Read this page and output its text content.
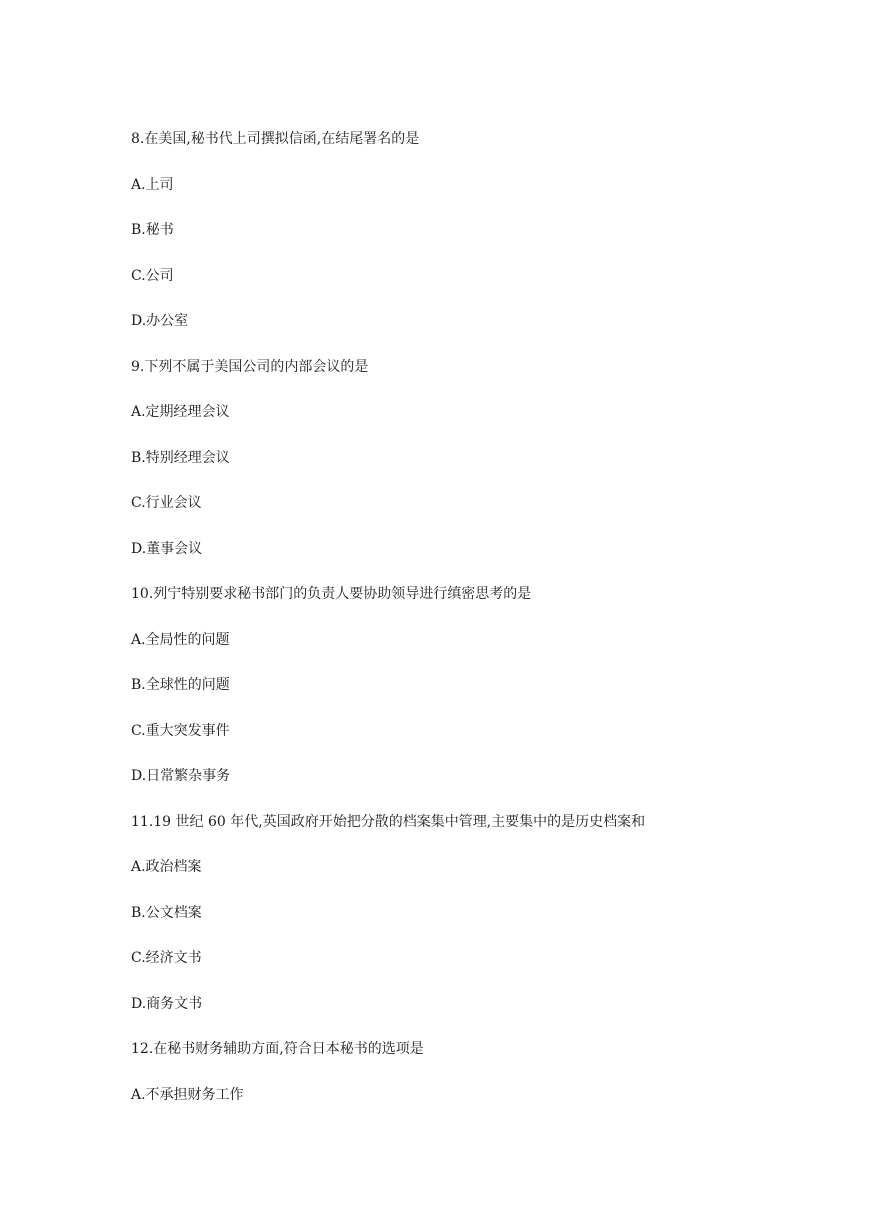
8.在美国,秘书代上司撰拟信函,在结尾署名的是
A.上司
B.秘书
C.公司
D.办公室
9.下列不属于美国公司的内部会议的是
A.定期经理会议
B.特别经理会议
C.行业会议
D.董事会议
10.列宁特别要求秘书部门的负责人要协助领导进行缜密思考的是
A.全局性的问题
B.全球性的问题
C.重大突发事件
D.日常繁杂事务
11.19 世纪 60 年代,英国政府开始把分散的档案集中管理,主要集中的是历史档案和
A.政治档案
B.公文档案
C.经济文书
D.商务文书
12.在秘书财务辅助方面,符合日本秘书的选项是
A.不承担财务工作
